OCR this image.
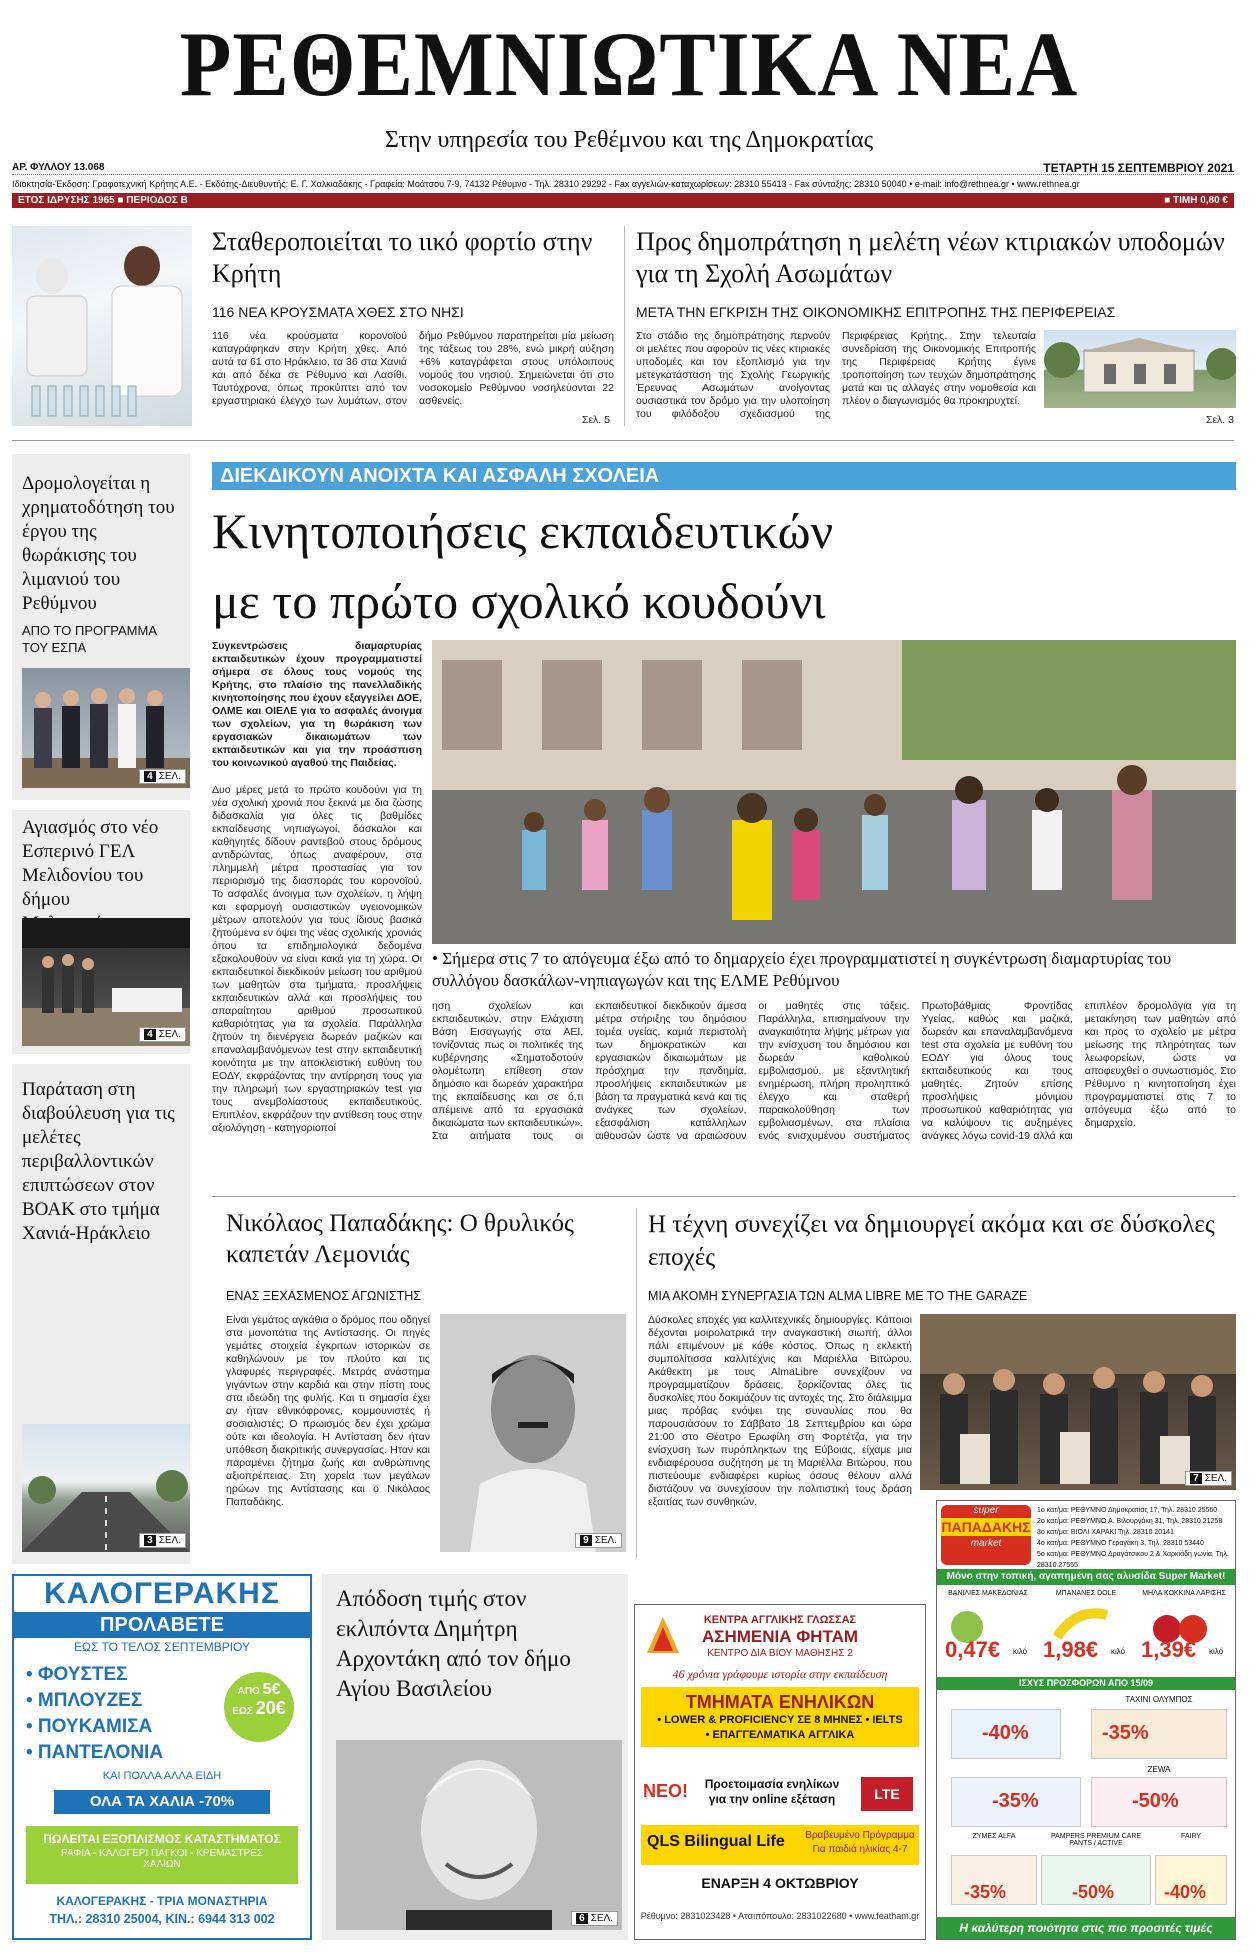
ΡΕΘΕΜΝΙΩΤΙΚΑ ΝΕΑ
Στην υπηρεσία του Ρεθέμνου και της Δημοκρατίας
ΑΡ. ΦΥΛΛΟΥ 13.068	ΤΕΤΑΡΤΗ 15 ΣΕΠΤΕΜΒΡΙΟΥ 2021
Ιδιοκτησία-Έκδοση: Γραφοτεχνική Κρήτης Α.Ε. - Εκδότης-Διευθυντής: Ε. Γ. Χαλκιαδάκης - Γραφεία: Μοάτσου 7-9, 74132 Ρέθυμνο - Τηλ. 28310 29292 - Fax αγγελιών-καταχωρίσεων: 28310 55413 - Fax σύνταξης: 28310 50040 • e-mail: info@rethnea.gr • www.rethnea.gr
ΕΤΟΣ ΙΔΡΥΣΗΣ 1965 ■ ΠΕΡΙΟΔΟΣ Β	■ ΤΙΜΗ 0,80 €
Σταθεροποιείται το ιικό φορτίο στην Κρήτη
116 ΝΕΑ ΚΡΟΥΣΜΑΤΑ ΧΘΕΣ ΣΤΟ ΝΗΣΙ
116 νέα κρούσματα κορονοϊού καταγράφηκαν στην Κρήτη χθες. Από αυτά τα 61 στο Ηράκλειο, τα 36 στα Χανιά και από δέκα σε Ρέθυμνο και Λασίθι. Ταυτόχρονα, όπως προκύπτει από τον εργαστηριακό έλεγχο των λυμάτων, στον δήμο Ρεθύμνου παρατηρείται μία μείωση της τάξεως του 28%, ενώ μικρή αύξηση +6% καταγράφεται στους υπόλοιπους νομούς του νησιού. Σημειώνεται ότι στο νοσοκομείο Ρεθύμνου νοσηλεύονται 22 ασθενείς.
Σελ. 5
Προς δημοπράτηση η μελέτη νέων κτιριακών υποδομών για τη Σχολή Ασωμάτων
ΜΕΤΑ ΤΗΝ ΕΓΚΡΙΣΗ ΤΗΣ ΟΙΚΟΝΟΜΙΚΗΣ ΕΠΙΤΡΟΠΗΣ ΤΗΣ ΠΕΡΙΦΕΡΕΙΑΣ
Στο στάδιο της δημοπράτησης περνούν οι μελέτες που αφορούν τις νέες κτιριακές υποδομές και τον εξοπλισμό για την μετεγκατάσταση της Σχολής Γεωργικής Έρευνας Ασωμάτων ανοίγοντας ουσιαστικά τον δρόμο για την υλοποίηση του φιλόδοξου σχεδιασμού της Περιφέρειας Κρήτης. Στην τελευταία συνεδρίαση της Οικονομικής Επιτροπής της Περιφέρειας Κρήτης έγινε τροποποίηση των τευχών δημοπράτησης ματά και τις αλλαγές στην νομοθεσία και πλέον ο διαγωνισμός θα προκηρυχτεί.
Σελ. 3
Δρομολογείται η χρηματοδότηση του έργου της θωράκισης του λιμανιού του Ρεθύμνου
ΑΠΟ ΤΟ ΠΡΟΓΡΑΜΜΑ ΤΟΥ ΕΣΠΑ
4 ΣΕΛ.
Αγιασμός στο νέο Εσπερινό ΓΕΛ Μελιδονίου του δήμου
4 ΣΕΛ.
Παράταση στη διαβούλευση για τις μελέτες περιβαλλοντικών επιπτώσεων στον ΒΟΑΚ στο τμήμα Χανιά-Ηράκλειο
3 ΣΕΛ.
ΔΙΕΚΔΙΚΟΥΝ ΑΝΟΙΧΤΑ ΚΑΙ ΑΣΦΑΛΗ ΣΧΟΛΕΙΑ
Κινητοποιήσεις εκπαιδευτικών
με το πρώτο σχολικό κουδούνι
Συγκεντρώσεις διαμαρτυρίας εκπαιδευτικών έχουν προγραμματιστεί σήμερα σε όλους τους νομούς της Κρήτης, στο πλαίσιο της πανελλαδικής κινητοποίησης που έχουν εξαγγείλει ΔΟΕ, ΟΛΜΕ και ΟΙΕΛΕ για το ασφαλές άνοιγμα των σχολείων, για τη θωράκιση των εργασιακών δικαιωμάτων των εκπαιδευτικών και για την προάσπιση του κοινωνικού αγαθού της Παιδείας.
Δυο μέρες μετά το πρώτο κουδούνι για τη νέα σχολική χρονιά που ξεκινά με δια ζώσης διδασκαλία για όλες τις βαθμίδες εκπαίδευσης νηπιαγωγοί, δάσκαλοι και καθηγητές δίδουν ραντεβού στους δρόμους αντιδρώντας, όπως αναφέρουν, στα πλημμελή μέτρα προστασίας για τον περιορισμό της διασποράς του κορονοϊού. Το ασφαλές άνοιγμα των σχολείων, η λήψη και εφαρμογή ουσιαστικών υγειονομικών μέτρων αποτελούν για τους ίδιους βασικά ζητούμενα εν όψει της νέας σχολικής χρονιάς όπου τα επιδημιολογικά δεδομένα εξακολουθούν να είναι κακά για τη χώρα. Οι εκπαιδευτικοί διεκδικούν μείωση του αριθμού των μαθητών στα τμήματα, προσλήψεις εκπαιδευτικών αλλά και προσλήψεις του απαραίτητου αριθμού προσωπικού καθαριότητας για τα σχολεία. Παράλληλα ζητούν τη διενέργεια δωρεάν μαζικών και επαναλαμβανόμενων test στην εκπαιδευτική κοινότητα με την αποκλειστική ευθύνη του ΕΟΔΥ, εκφράζοντας την αντίρρηση τους για την πληρωμή των εργαστηριακών test για τους ανεμβολίαστους εκπαιδευτικούς. Επιπλέον, εκφράζουν την αντίθεση τους στην αξιολόγηση - κατηγοριοποί
• Σήμερα στις 7 το απόγευμα έξω από το δημαρχείο έχει προγραμματιστεί η συγκέντρωση διαμαρτυρίας του συλλόγου δασκάλων-νηπιαγωγών και της ΕΛΜΕ Ρεθύμνου
ηση σχολείων και εκπαιδευτικών, στην Ελάχιστη Βάση Εισαγωγής στα ΑΕΙ, τονίζοντας πως οι πολιτικές της κυβέρνησης «Σηματοδοτούν ολομέτωπη επίθεση στον δημόσιο και δωρεάν χαρακτήρα της εκπαίδευσης και σε ό,τι απέμεινε από τα εργασιακά δικαιώματα των εκπαιδευτικών». Στα αιτήματα τους οι εκπαιδευτικοί διεκδικούν άμεσα μέτρα στήριξης του δημόσιου τομέα υγείας, καμιά περιστολή των δημοκρατικών και εργασιακών δικαιωμάτων με πρόσχημα την πανδημία, προσλήψεις εκπαιδευτικών με βάση τα πραγματικά κενά και τις ανάγκες των σχολείων, εξασφάλιση κατάλληλων αιθουσών ώστε να αραιώσουν οι μαθητές στις τάξεις. Παράλληλα, επισημαίνουν την αναγκαιότητα λήψης μέτρων για την ενίσχυση του δημόσιου και δωρεάν καθολικού εμβολιασμού, με εξαντλητική ενημέρωση, πλήρη προληπτικό έλεγχο και σταθερή παρακολούθηση των εμβολιασμένων, στα πλαίσια ενός ενισχυμένου συστήματος Πρωτοβάθμιας Φροντίδας Υγείας, καθώς και μαζικά, δωρεάν και επαναλαμβανόμενα test στα σχολεία με ευθύνη του ΕΟΔΥ για όλους τους εκπαιδευτικούς και τους μαθητές. Ζητούν επίσης προσλήψεις μόνιμου προσωπικού καθαριότητας για να καλύψουν τις αυξημένες ανάγκες λόγω covid-19 αλλά και επιπλέον δρομολόγια για τη μετακίνηση των μαθητών από και προς το σχολείο με μέτρα μείωσης της πληρότητας των λεωφορείων, ώστε να αποφευχθεί ο συνωστισμός. Στο Ρέθυμνο η κινητοποίηση έχει προγραμματιστεί στις 7 το απόγευμα έξω από το δημαρχείο.
Νικόλαος Παπαδάκης: Ο θρυλικός καπετάν Λεμονιάς
ΕΝΑΣ ΞΕΧΑΣΜΕΝΟΣ ΑΓΩΝΙΣΤΗΣ
Είναι γεμάτος αγκάθια ο δρόμος που οδηγεί στα μονοπάτια της Αντίστασης. Οι πηγές γεμάτες στοιχεία έγκριτων ιστορικών σε καθηλώνουν με τον πλούτο και τις γλαφυρές περιγραφές. Μετράς ανάστημα γιγάντων στην καρδιά και στην πίστη τους στα ιδεώδη της φυλής. Και τι σημασία έχει αν ήταν εθνικόφρονες, κομμουνιστές ή σοσιαλιστές; Ο πρωισμός δεν έχει χρώμα ούτε και ιδεολογία. Η Αντίσταση δεν ήταν υπόθεση διακριτικής συνεργασίας. Ηταν και παραμένει ζήτημα ζωής και ανθρώπινης αξιοπρέπειας. Στη χορεία των μεγάλων ηρώων της Αντίστασης και ο Νικόλαος Παπαδάκης.
9 ΣΕΛ.
Η τέχνη συνεχίζει να δημιουργεί ακόμα και σε δύσκολες εποχές
ΜΙΑ ΑΚΟΜΗ ΣΥΝΕΡΓΑΣΙΑ ΤΩΝ ALMA LIBRE ΜΕ ΤΟ THE GARAZE
Δύσκολες εποχές για καλλιτεχνικές δημιουργίες. Κάποιοι δέχονται μοιρολατρικά την αναγκαστική σιωπή, άλλοι πάλι επιμένουν με κάθε κόστος. Όπως η εκλεκτή συμπολίτισσα καλλιτέχνις και Μαριέλλα Βιτώρου. Ακάθεκτη με τους AlmaLibre συνεχίζουν να προγραμματίζουν δράσεις, ξορκίζοντας όλες τις δυσκολίες που δοκιμάζουν τις αντοχές της. Στο διάλειμμα μιας πρόβας ενόψει της συναυλίας που θα παρουσιάσουν το Σάββατο 18 Σεπτεμβρίου και ώρα 21:00 στο Θέατρο Ερωφίλη στη Φορτέτζα, για την ενίσχυση των πυρόπληκτων της Εύβοιας, είχαμε μια ενδιαφέρουσα συζήτηση με τη Μαριέλλα Βιτώρου, που πιστεύουμε ενδιαφέρει κυρίως όσους θέλουν αλλά διστάζουν να συνεχίσουν την πολιτιστική τους δράση εξαιτίας των συνθηκών.
7 ΣΕΛ.
ΚΑΛΟΓΕΡΑΚΗΣ
ΠΡΟΛΑΒΕΤΕ
ΕΩΣ ΤΟ ΤΕΛΟΣ ΣΕΠΤΕΜΒΡΙΟΥ
• ΦΟΥΣΤΕΣ
• ΜΠΛΟΥΖΕΣ
• ΠΟΥΚΑΜΙΣΑ
• ΠΑΝΤΕΛΟΝΙΑ
ΚΑΙ ΠΟΛΛΑ ΑΛΛΑ ΕΙΔΗ
ΑΠΟ 5€
ΕΩΣ 20€
ΟΛΑ ΤΑ ΧΑΛΙΑ -70%
ΠΩΛΕΙΤΑΙ ΕΞΟΠΛΙΣΜΟΣ ΚΑΤΑΣΤΗΜΑΤΟΣ
ΡΑΦΙΑ - ΚΑΛΟΓΕΡΙ ΠΑΓΚΟΙ - ΚΡΕΜΑΣΤΡΕΣ ΧΑΛΙΩΝ
ΚΑΛΟΓΕΡΑΚΗΣ - ΤΡΙΑ ΜΟΝΑΣΤΗΡΙΑ
ΤΗΛ.: 28310 25004, ΚΙΝ.: 6944 313 002
Απόδοση τιμής στον εκλιπόντα Δημήτρη Αρχοντάκη από τον δήμο Αγίου Βασιλείου
6 ΣΕΛ.
ΚΕΝΤΡΑ ΑΓΓΛΙΚΗΣ ΓΛΩΣΣΑΣ
ΑΣΗΜΕΝΙΑ ΦΗΤΑΜ
ΚΕΝΤΡΟ ΔΙΑ ΒΙΟΥ ΜΑΘΗΣΗΣ 2
46 χρόνια γράφουμε ιστορία στην εκπαίδευση
ΤΜΗΜΑΤΑ ΕΝΗΛΙΚΩΝ
• LOWER & PROFICIENCY ΣΕ 8 ΜΗΝΕΣ • IELTS
• ΕΠΑΓΓΕΛΜΑΤΙΚΑ ΑΓΓΛΙΚΑ
ΝΕΟ!	Προετοιμασία ενηλίκων για την online εξέταση	LTE
QLS Bilingual Life Βραβευμένο Πρόγραμμα Για παιδιά ηλικίας 4-7
ΕΝΑΡΞΗ 4 ΟΚΤΩΒΡΙΟΥ
Ρέθυμνο: 2831023428 • Ατσιπόπουλο: 2831022680 • www.featham.gr
super
ΠΑΠΑΔΑΚΗΣ
market
1ο κατ/μα: ΡΕΘΥΜΝΟ Δημοκρατίας 17, Τηλ. 28310 25560
2ο κατ/μα: ΡΕΘΥΜΝΟ Α. Βιλουργάκη 31, Τηλ. 28310 21258
3ο κατ/μα: ΒΙΟΛΙ ΧΑΡΑΚΙ Τηλ. 28310 20141
4ο κατ/μα: ΡΕΘΥΜΝΟ Γεραγάκη 3, Τηλ. 28310 53440
5ο κατ/μα: ΡΕΘΥΜΝΟ Δραγάτσικου 2 & Χαρκιάδη γωνία, Τηλ. 28310 27555
Μόνο στην τοπική, αγαπημένη σας αλυσίδα Super Market!
ΒΑΝΙΛΙΕΣ ΜΑΚΕΔΟΝΙΑΣ	ΜΠΑΝΑΝΕΣ DOLE	ΜΗΛΑ ΚΟΚΚΙΝΑ ΛΑΡΙΣΗΣ
0,47€ 1,98€ 1,39€
κιλό	κιλό	κιλό
ΙΣΧΥΣ ΠΡΟΣΦΟΡΩΝ ΑΠΟ 15/09
-40%
ΤΑΧΙΝΙ ΟΛΥΜΠΟΣ
-35%
ZEWA
-50%
-35%
ΖΥΜΕΣ ALFA	PAMPERS PREMIUM CARE PANTS / ACTIVE
FAIRY
-35%	-50%	-40%
Η καλύτερη ποιότητα στις πιο προσιτές τιμές
